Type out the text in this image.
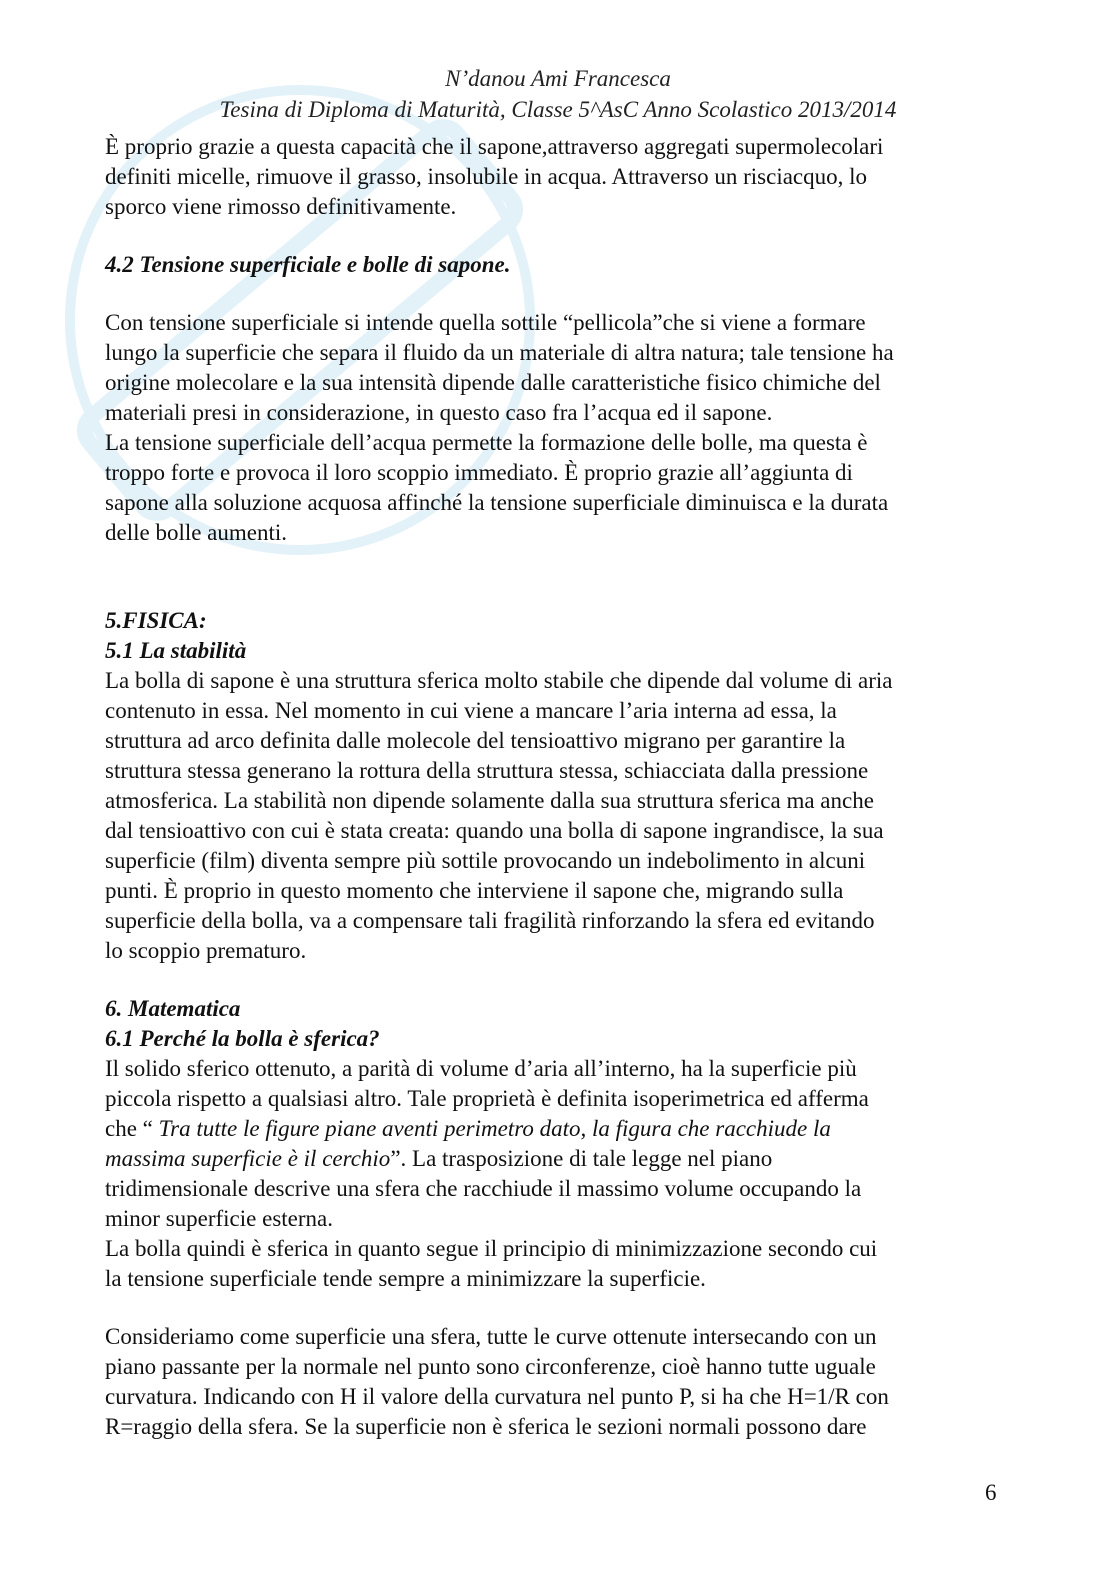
N’danou Ami Francesca
Tesina di Diploma di Maturità, Classe 5^AsC Anno Scolastico 2013/2014

È proprio grazie a questa capacità che il sapone,attraverso aggregati supermolecolari

definiti micelle, rimuove il grasso, insolubile in acqua. Attraverso un risciacquo, lo

sporco viene rimosso definitivamente.

4.2 Tensione superficiale e bolle di sapone.

Con tensione superficiale si intende quella sottile “pellicola”che si viene a formare

lungo la superficie che separa il fluido da un materiale di altra natura; tale tensione ha

origine molecolare e la sua intensità dipende dalle caratteristiche fisico chimiche del

materiali presi in considerazione, in questo caso fra l’acqua ed il sapone.

La tensione superficiale dell’acqua permette la formazione delle bolle, ma questa è

troppo forte e provoca il loro scoppio immediato. È proprio grazie all’aggiunta di

sapone alla soluzione acquosa affinché la tensione superficiale diminuisca e la durata

delle bolle aumenti.

5.FISICA:

5.1 La stabilità

La bolla di sapone è una struttura sferica molto stabile che dipende dal volume di aria

contenuto in essa. Nel momento in cui viene a mancare l’aria interna ad essa, la

struttura ad arco definita dalle molecole del tensioattivo migrano per garantire la

struttura stessa generano la rottura della struttura stessa, schiacciata dalla pressione

atmosferica. La stabilità non dipende solamente dalla sua struttura sferica ma anche

dal tensioattivo con cui è stata creata: quando una bolla di sapone ingrandisce, la sua

superficie (film) diventa sempre più sottile provocando un indebolimento in alcuni

punti. È proprio in questo momento che interviene il sapone che, migrando sulla

superficie della bolla, va a compensare tali fragilità rinforzando la sfera ed evitando

lo scoppio prematuro.

6. Matematica

6.1 Perché la bolla è sferica?

Il solido sferico ottenuto, a parità di volume d’aria all’interno, ha la superficie più

piccola rispetto a qualsiasi altro. Tale proprietà è definita isoperimetrica ed afferma

che “ Tra tutte le figure piane aventi perimetro dato, la figura che racchiude la

massima superficie è il cerchio”. La trasposizione di tale legge nel piano

tridimensionale descrive una sfera che racchiude il massimo volume occupando la

minor superficie esterna.

La bolla quindi è sferica in quanto segue il principio di minimizzazione secondo cui

la tensione superficiale tende sempre a minimizzare la superficie.

Consideriamo come superficie una sfera, tutte le curve ottenute intersecando con un

piano passante per la normale nel punto sono circonferenze, cioè hanno tutte uguale

curvatura. Indicando con H il valore della curvatura nel punto P, si ha che H=1/R con

R=raggio della sfera. Se la superficie non è sferica le sezioni normali possono dare

6
